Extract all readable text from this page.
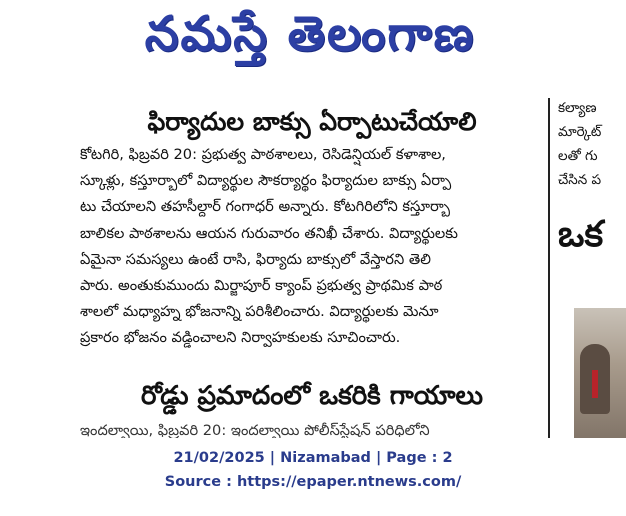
నమస్తే తెలంగాణ
ఫిర్యాదుల బాక్సు ఏర్పాటుచేయాలి
కోటగిరి, ఫిబ్రవరి 20: ప్రభుత్వ పాఠశాలలు, రెసిడెన్షియల్ కళాశాల,
స్కూళ్లు, కస్తూర్బాలో విద్యార్థుల సౌకర్యార్థం ఫిర్యాదుల బాక్సు ఏర్పా
టు చేయాలని తహసీల్దార్ గంగాధర్ అన్నారు. కోటగిరిలోని కస్తూర్బా
బాలికల పాఠశాలను ఆయన గురువారం తనిఖీ చేశారు. విద్యార్థులకు
ఏమైనా సమస్యలు ఉంటే రాసి, ఫిర్యాదు బాక్సులో వేస్తారని తెలి
పారు. అంతుకుముందు మిర్జాపూర్ క్యాంప్ ప్రభుత్వ ప్రాథమిక పాఠ
శాలలో మధ్యాహ్న భోజనాన్ని పరిశీలించారు. విద్యార్థులకు మెనూ
ప్రకారం భోజనం వడ్డించాలని నిర్వాహకులకు సూచించారు.
రోడ్డు ప్రమాదంలో ఒకరికి గాయాలు
ఇందల్వాయి, ఫిబ్రవరి 20: ఇందల్వాయి పోలీస్‌స్టేషన్ పరిధిలోని
కల్యాణ
మార్కెట్
లతో గు
చేసిన ప
ఒక
21/02/2025 | Nizamabad | Page : 2
Source : https://epaper.ntnews.com/
